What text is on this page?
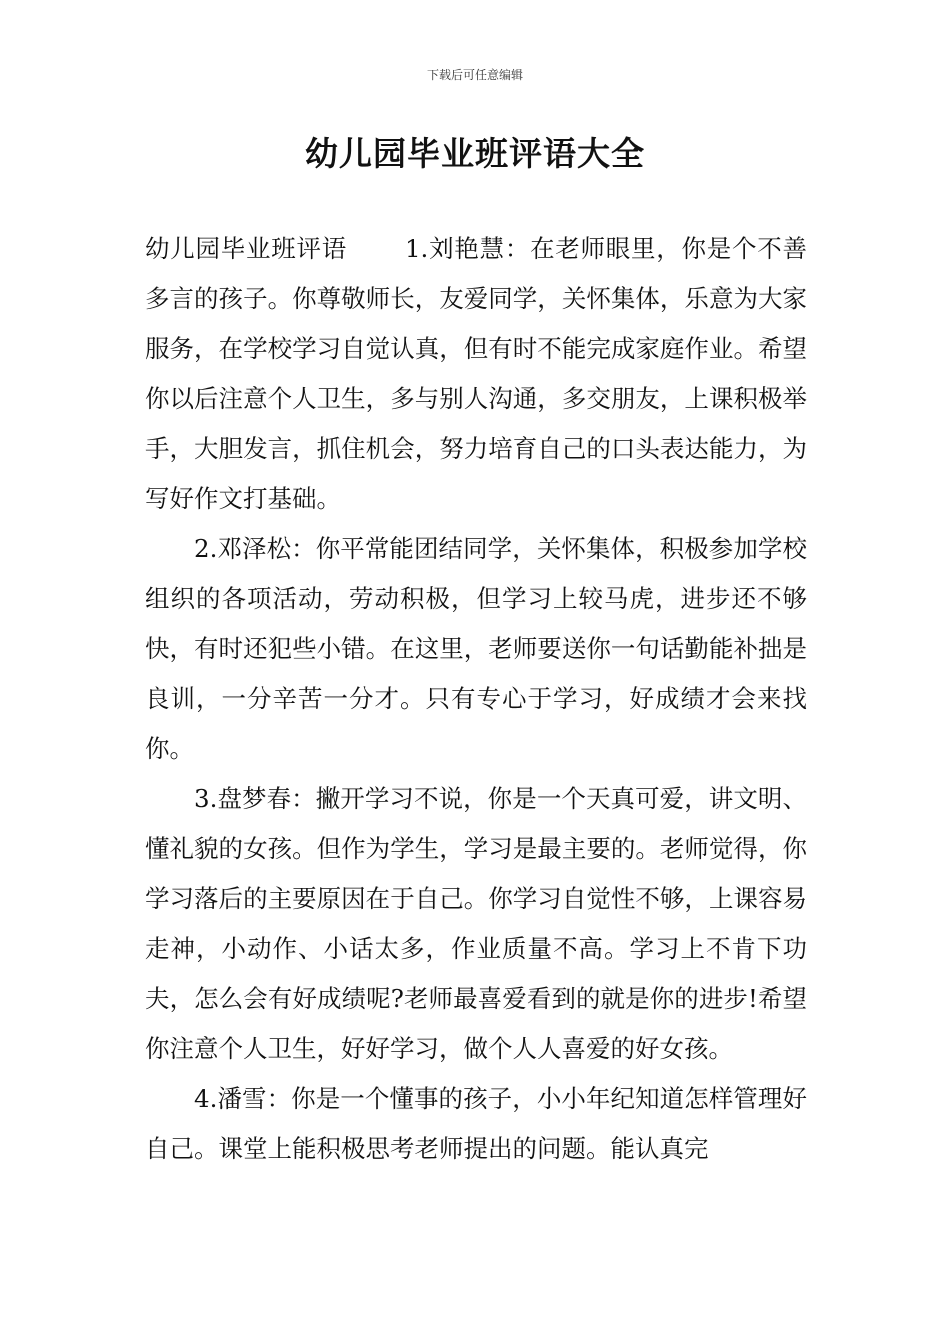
下载后可任意编辑
幼儿园毕业班评语大全

幼儿园毕业班评语 1.刘艳慧：在老师眼里，你是个不善多言的孩子。你尊敬师长，友爱同学，关怀集体，乐意为大家服务，在学校学习自觉认真，但有时不能完成家庭作业。希望你以后注意个人卫生，多与别人沟通，多交朋友，上课积极举手，大胆发言，抓住机会，努力培育自己的口头表达能力，为写好作文打基础。

2.邓泽松：你平常能团结同学，关怀集体，积极参加学校组织的各项活动，劳动积极，但学习上较马虎，进步还不够快，有时还犯些小错。在这里，老师要送你一句话勤能补拙是良训，一分辛苦一分才。只有专心于学习，好成绩才会来找你。

3.盘梦春：撇开学习不说，你是一个天真可爱，讲文明、懂礼貌的女孩。但作为学生，学习是最主要的。老师觉得，你学习落后的主要原因在于自己。你学习自觉性不够，上课容易走神，小动作、小话太多，作业质量不高。学习上不肯下功夫，怎么会有好成绩呢?老师最喜爱看到的就是你的进步!希望你注意个人卫生，好好学习，做个人人喜爱的好女孩。

4.潘雪：你是一个懂事的孩子，小小年纪知道怎样管理好自己。课堂上能积极思考老师提出的问题。能认真完
